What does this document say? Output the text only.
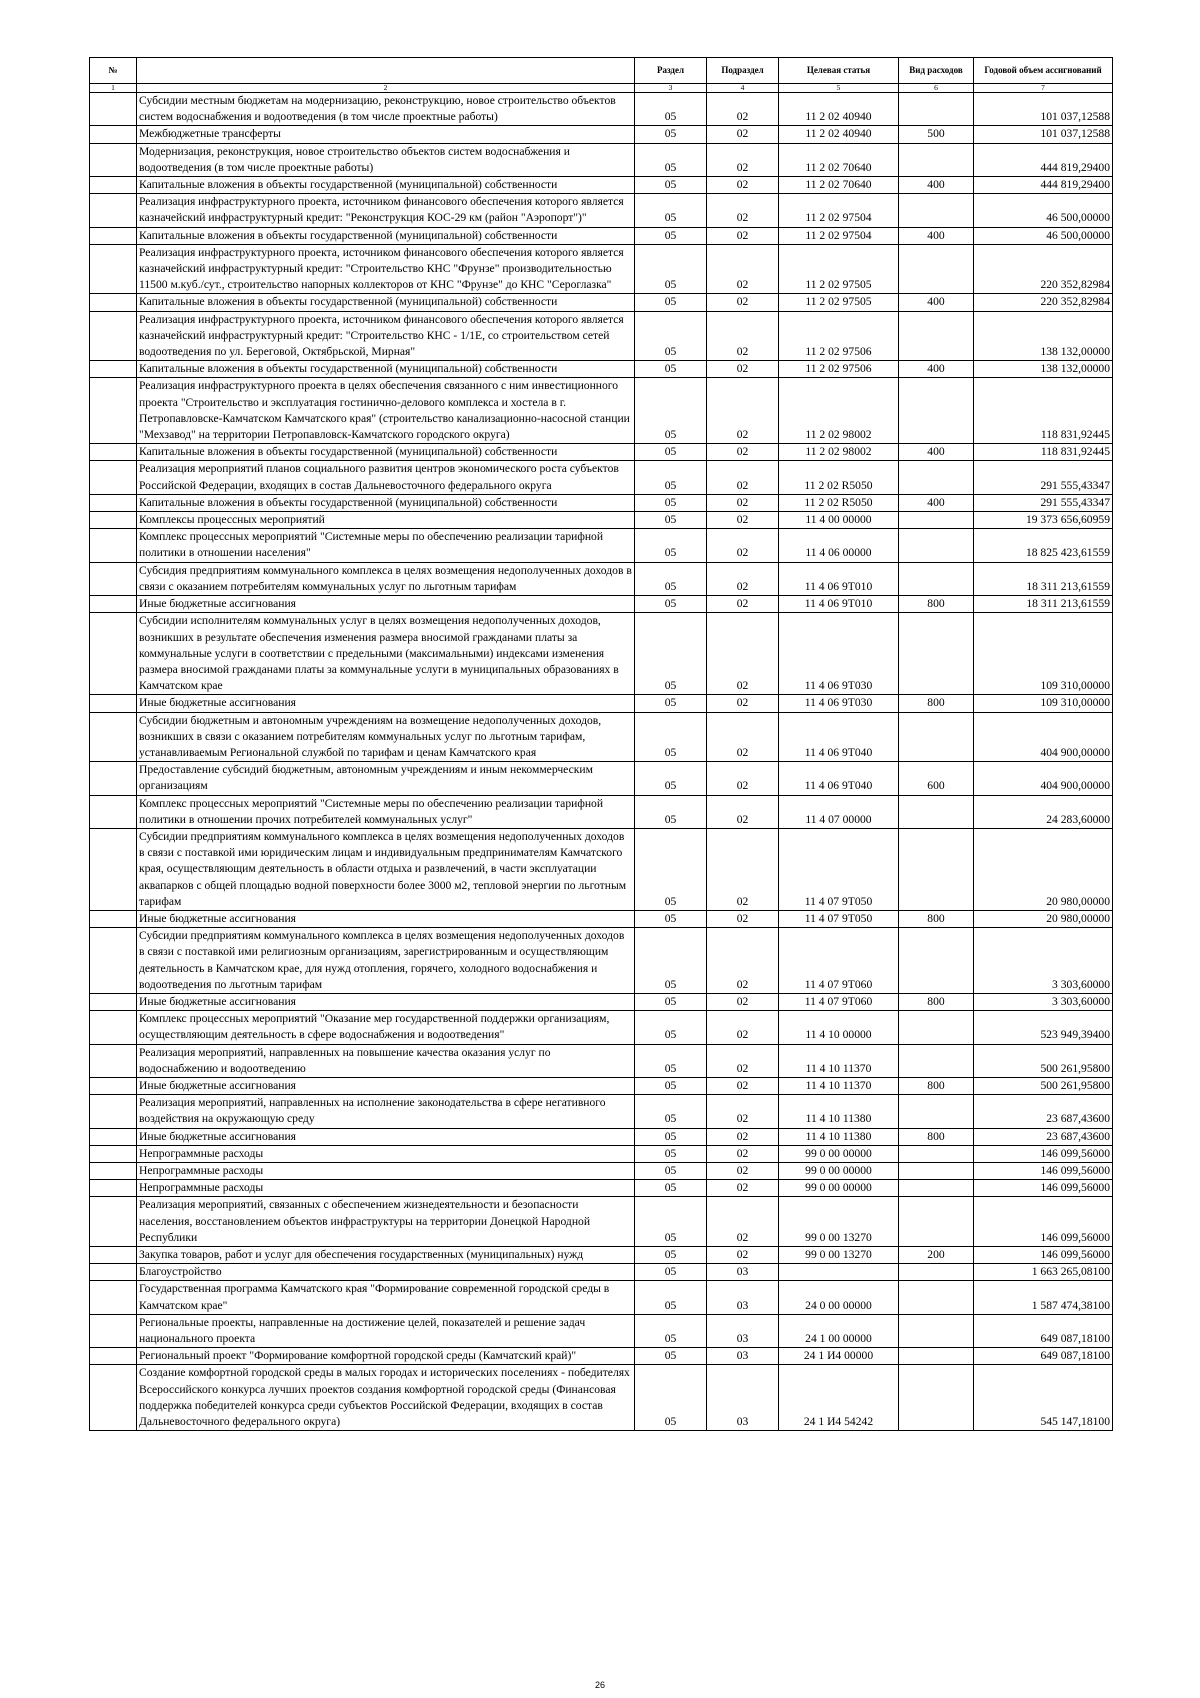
№		Раздел	Подраздел	Целевая статья	Вид расходов	Годовой объем ассигнований
1	2	3	4	5	6	7
	Субсидии местным бюджетам на модернизацию, реконструкцию, новое строительство объектов систем водоснабжения и водоотведения (в том числе проектные работы)	05	02	11 2 02 40940		101 037,12588
	Межбюджетные трансферты	05	02	11 2 02 40940	500	101 037,12588
	Модернизация, реконструкция, новое строительство объектов систем водоснабжения и водоотведения (в том числе проектные работы)	05	02	11 2 02 70640		444 819,29400
	Капитальные вложения в объекты государственной (муниципальной) собственности	05	02	11 2 02 70640	400	444 819,29400
	Реализация инфраструктурного проекта, источником финансового обеспечения которого является казначейский инфраструктурный кредит: "Реконструкция КОС-29 км (район "Аэропорт")"	05	02	11 2 02 97504		46 500,00000
	Капитальные вложения в объекты государственной (муниципальной) собственности	05	02	11 2 02 97504	400	46 500,00000
	Реализация инфраструктурного проекта, источником финансового обеспечения которого является казначейский инфраструктурный кредит: "Строительство КНС "Фрунзе" производительностью 11500 м.куб./сут., строительство напорных коллекторов от КНС "Фрунзе" до КНС "Сероглазка"	05	02	11 2 02 97505		220 352,82984
	Капитальные вложения в объекты государственной (муниципальной) собственности	05	02	11 2 02 97505	400	220 352,82984
	Реализация инфраструктурного проекта, источником финансового обеспечения которого является казначейский инфраструктурный кредит: "Строительство КНС - 1/1Е, со строительством сетей водоотведения по ул. Береговой, Октябрьской, Мирная"	05	02	11 2 02 97506		138 132,00000
	Капитальные вложения в объекты государственной (муниципальной) собственности	05	02	11 2 02 97506	400	138 132,00000
	Реализация инфраструктурного проекта в целях обеспечения связанного с ним инвестиционного проекта "Строительство и эксплуатация гостинично-делового комплекса и хостела в г. Петропавловске-Камчатском Камчатского края" (строительство канализационно-насосной станции "Мехзавод" на территории Петропавловск-Камчатского городского округа)	05	02	11 2 02 98002		118 831,92445
	Капитальные вложения в объекты государственной (муниципальной) собственности	05	02	11 2 02 98002	400	118 831,92445
	Реализация мероприятий планов социального развития центров экономического роста субъектов Российской Федерации, входящих в состав Дальневосточного федерального округа	05	02	11 2 02 R5050		291 555,43347
	Капитальные вложения в объекты государственной (муниципальной) собственности	05	02	11 2 02 R5050	400	291 555,43347
	Комплексы процессных мероприятий	05	02	11 4 00 00000		19 373 656,60959
	Комплекс процессных мероприятий "Системные меры по обеспечению реализации тарифной политики в отношении населения"	05	02	11 4 06 00000		18 825 423,61559
	Субсидия предприятиям коммунального комплекса в целях возмещения недополученных доходов в связи с оказанием потребителям коммунальных услуг по льготным тарифам	05	02	11 4 06 9Т010		18 311 213,61559
	Иные бюджетные ассигнования	05	02	11 4 06 9Т010	800	18 311 213,61559
	Субсидии исполнителям коммунальных услуг в целях возмещения недополученных доходов, возникших в результате обеспечения изменения размера вносимой гражданами платы за коммунальные услуги в соответствии с предельными (максимальными) индексами изменения размера вносимой гражданами платы за коммунальные услуги в муниципальных образованиях в Камчатском крае	05	02	11 4 06 9Т030		109 310,00000
	Иные бюджетные ассигнования	05	02	11 4 06 9Т030	800	109 310,00000
	Субсидии бюджетным и автономным учреждениям на возмещение недополученных доходов, возникших в связи с оказанием потребителям коммунальных услуг по льготным тарифам, устанавливаемым Региональной службой по тарифам и ценам Камчатского края	05	02	11 4 06 9Т040		404 900,00000
	Предоставление субсидий бюджетным, автономным учреждениям и иным некоммерческим организациям	05	02	11 4 06 9Т040	600	404 900,00000
	Комплекс процессных мероприятий "Системные меры по обеспечению реализации тарифной политики в отношении прочих потребителей коммунальных услуг"	05	02	11 4 07 00000		24 283,60000
	Субсидии предприятиям коммунального комплекса в целях возмещения недополученных доходов в связи с поставкой ими юридическим лицам и индивидуальным предпринимателям Камчатского края, осуществляющим деятельность в области отдыха и развлечений, в части эксплуатации аквапарков с общей площадью водной поверхности более 3000 м2, тепловой энергии по льготным тарифам	05	02	11 4 07 9Т050		20 980,00000
	Иные бюджетные ассигнования	05	02	11 4 07 9Т050	800	20 980,00000
	Субсидии предприятиям коммунального комплекса в целях возмещения недополученных доходов в связи с поставкой ими религиозным организациям, зарегистрированным и осуществляющим деятельность в Камчатском крае, для нужд отопления, горячего, холодного водоснабжения и водоотведения по льготным тарифам	05	02	11 4 07 9Т060		3 303,60000
	Иные бюджетные ассигнования	05	02	11 4 07 9Т060	800	3 303,60000
	Комплекс процессных мероприятий "Оказание мер государственной поддержки организациям, осуществляющим деятельность в сфере водоснабжения и водоотведения"	05	02	11 4 10 00000		523 949,39400
	Реализация мероприятий, направленных на повышение качества оказания услуг по водоснабжению и водоотведению	05	02	11 4 10 11370		500 261,95800
	Иные бюджетные ассигнования	05	02	11 4 10 11370	800	500 261,95800
	Реализация мероприятий, направленных на исполнение законодательства в сфере негативного воздействия на окружающую среду	05	02	11 4 10 11380		23 687,43600
	Иные бюджетные ассигнования	05	02	11 4 10 11380	800	23 687,43600
	Непрограммные расходы	05	02	99 0 00 00000		146 099,56000
	Непрограммные расходы	05	02	99 0 00 00000		146 099,56000
	Непрограммные расходы	05	02	99 0 00 00000		146 099,56000
	Реализация мероприятий, связанных с обеспечением жизнедеятельности и безопасности населения, восстановлением объектов инфраструктуры на территории Донецкой Народной Республики	05	02	99 0 00 13270		146 099,56000
	Закупка товаров, работ и услуг для обеспечения государственных (муниципальных) нужд	05	02	99 0 00 13270	200	146 099,56000
	Благоустройство	05	03			1 663 265,08100
	Государственная программа Камчатского края "Формирование современной городской среды в Камчатском крае"	05	03	24 0 00 00000		1 587 474,38100
	Региональные проекты, направленные на достижение целей, показателей и решение задач национального проекта	05	03	24 1 00 00000		649 087,18100
	Региональный проект "Формирование комфортной городской среды (Камчатский край)"	05	03	24 1 И4 00000		649 087,18100
	Создание комфортной городской среды в малых городах и исторических поселениях - победителях Всероссийского конкурса лучших проектов создания комфортной городской среды (Финансовая поддержка победителей конкурса среди субъектов Российской Федерации, входящих в состав Дальневосточного федерального округа)	05	03	24 1 И4 54242		545 147,18100
26
